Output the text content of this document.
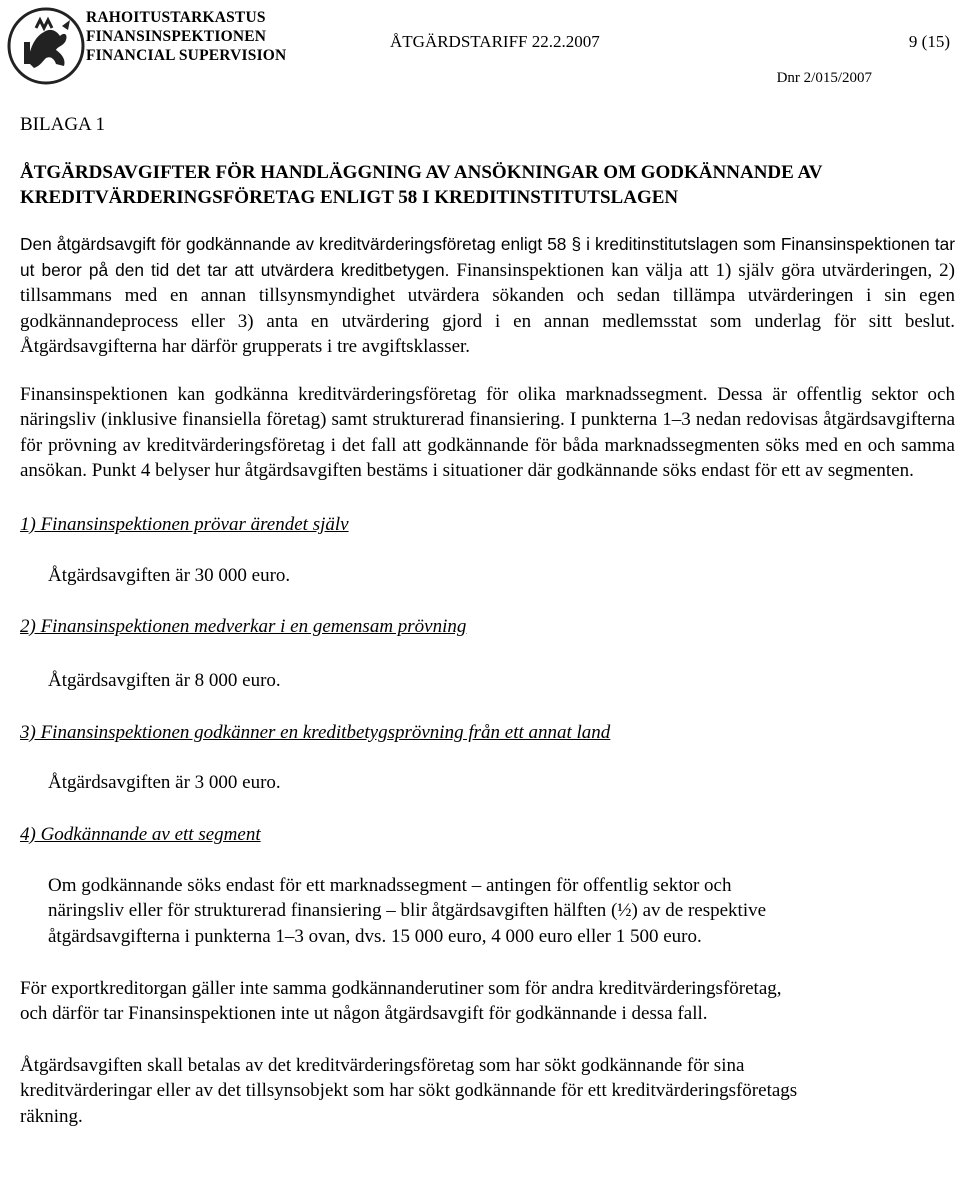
RAHOITUSTARKASTUS
FINANSINSPEKTIONEN
FINANCIAL SUPERVISION
ÅTGÄRDSTARIFF 22.2.2007	9 (15)
Dnr 2/015/2007

BILAGA 1

ÅTGÄRDSAVGIFTER FÖR HANDLÄGGNING AV ANSÖKNINGAR OM GODKÄNNANDE AV
KREDITVÄRDERINGSFÖRETAG ENLIGT 58 I KREDITINSTITUTSLAGEN

Den åtgärdsavgift för godkännande av kreditvärderingsföretag enligt 58 § i kreditinstitutslagen som Finansinspektionen tar ut beror på den tid det tar att utvärdera kreditbetygen. Finansinspektionen kan välja att 1) själv göra utvärderingen, 2) tillsammans med en annan tillsynsmyndighet utvärdera sökanden och sedan tillämpa utvärderingen i sin egen godkännandeprocess eller 3) anta en utvärdering gjord i en annan medlemsstat som underlag för sitt beslut. Åtgärdsavgifterna har därför grupperats i tre avgiftsklasser.

Finansinspektionen kan godkänna kreditvärderingsföretag för olika marknadssegment. Dessa är offentlig sektor och näringsliv (inklusive finansiella företag) samt strukturerad finansiering. I punkterna 1–3 nedan redovisas åtgärdsavgifterna för prövning av kreditvärderingsföretag i det fall att godkännande för båda marknadssegmenten söks med en och samma ansökan. Punkt 4 belyser hur åtgärdsavgiften bestäms i situationer där godkännande söks endast för ett av segmenten.

1) Finansinspektionen prövar ärendet själv

Åtgärdsavgiften är 30 000 euro.

2) Finansinspektionen medverkar i en gemensam prövning

Åtgärdsavgiften är 8 000 euro.

3) Finansinspektionen godkänner en kreditbetygsprövning från ett annat land

Åtgärdsavgiften är 3 000 euro.

4) Godkännande av ett segment

Om godkännande söks endast för ett marknadssegment – antingen för offentlig sektor och
näringsliv eller för strukturerad finansiering – blir åtgärdsavgiften hälften (½) av de respektive
åtgärdsavgifterna i punkterna 1–3 ovan, dvs. 15 000 euro, 4 000 euro eller 1 500 euro.
För exportkreditorgan gäller inte samma godkännanderutiner som för andra kreditvärderingsföretag,
och därför tar Finansinspektionen inte ut någon åtgärdsavgift för godkännande i dessa fall.
Åtgärdsavgiften skall betalas av det kreditvärderingsföretag som har sökt godkännande för sina
kreditvärderingar eller av det tillsynsobjekt som har sökt godkännande för ett kreditvärderingsföretags
räkning.
